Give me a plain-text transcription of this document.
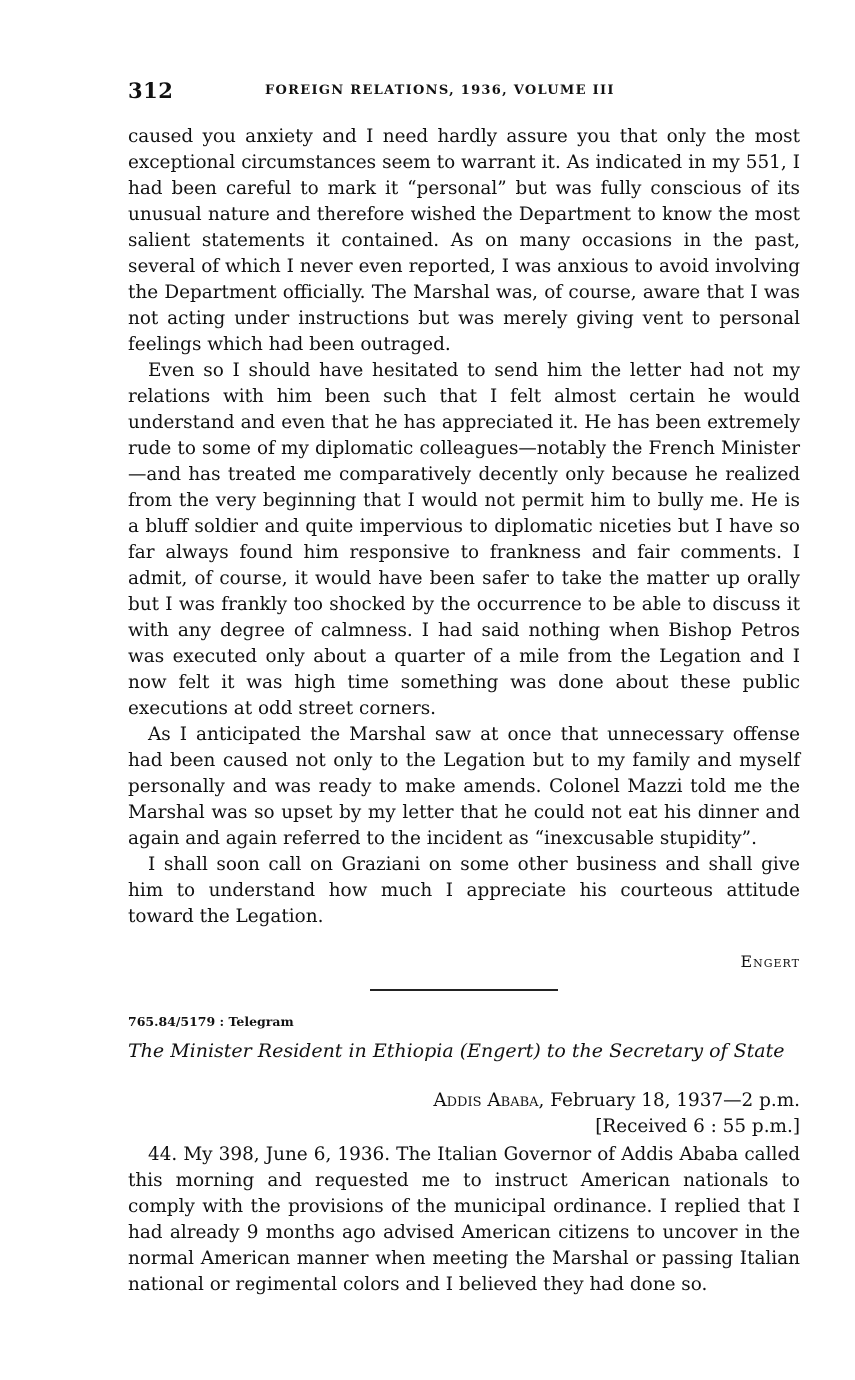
312	FOREIGN RELATIONS, 1936, VOLUME III

caused you anxiety and I need hardly assure you that only the most exceptional circumstances seem to warrant it. As indicated in my 551, I had been careful to mark it “personal” but was fully conscious of its unusual nature and therefore wished the Department to know the most salient statements it contained. As on many occasions in the past, several of which I never even reported, I was anxious to avoid involving the Department officially. The Marshal was, of course, aware that I was not acting under instructions but was merely giving vent to personal feelings which had been outraged.

Even so I should have hesitated to send him the letter had not my relations with him been such that I felt almost certain he would understand and even that he has appreciated it. He has been extremely rude to some of my diplomatic colleagues—notably the French Minister—and has treated me comparatively decently only because he realized from the very beginning that I would not permit him to bully me. He is a bluff soldier and quite impervious to diplomatic niceties but I have so far always found him responsive to frankness and fair comments. I admit, of course, it would have been safer to take the matter up orally but I was frankly too shocked by the occurrence to be able to discuss it with any degree of calmness. I had said nothing when Bishop Petros was executed only about a quarter of a mile from the Legation and I now felt it was high time something was done about these public executions at odd street corners.

As I anticipated the Marshal saw at once that unnecessary offense had been caused not only to the Legation but to my family and myself personally and was ready to make amends. Colonel Mazzi told me the Marshal was so upset by my letter that he could not eat his dinner and again and again referred to the incident as “inexcusable stupidity”.

I shall soon call on Graziani on some other business and shall give him to understand how much I appreciate his courteous attitude toward the Legation.

Engert
765.84/5179 : Telegram
The Minister Resident in Ethiopia (Engert) to the Secretary of State
Addis Ababa, February 18, 1937—2 p.m.
[Received 6 : 55 p.m.]

44. My 398, June 6, 1936. The Italian Governor of Addis Ababa called this morning and requested me to instruct American nationals to comply with the provisions of the municipal ordinance. I replied that I had already 9 months ago advised American citizens to uncover in the normal American manner when meeting the Marshal or passing Italian national or regimental colors and I believed they had done so.
